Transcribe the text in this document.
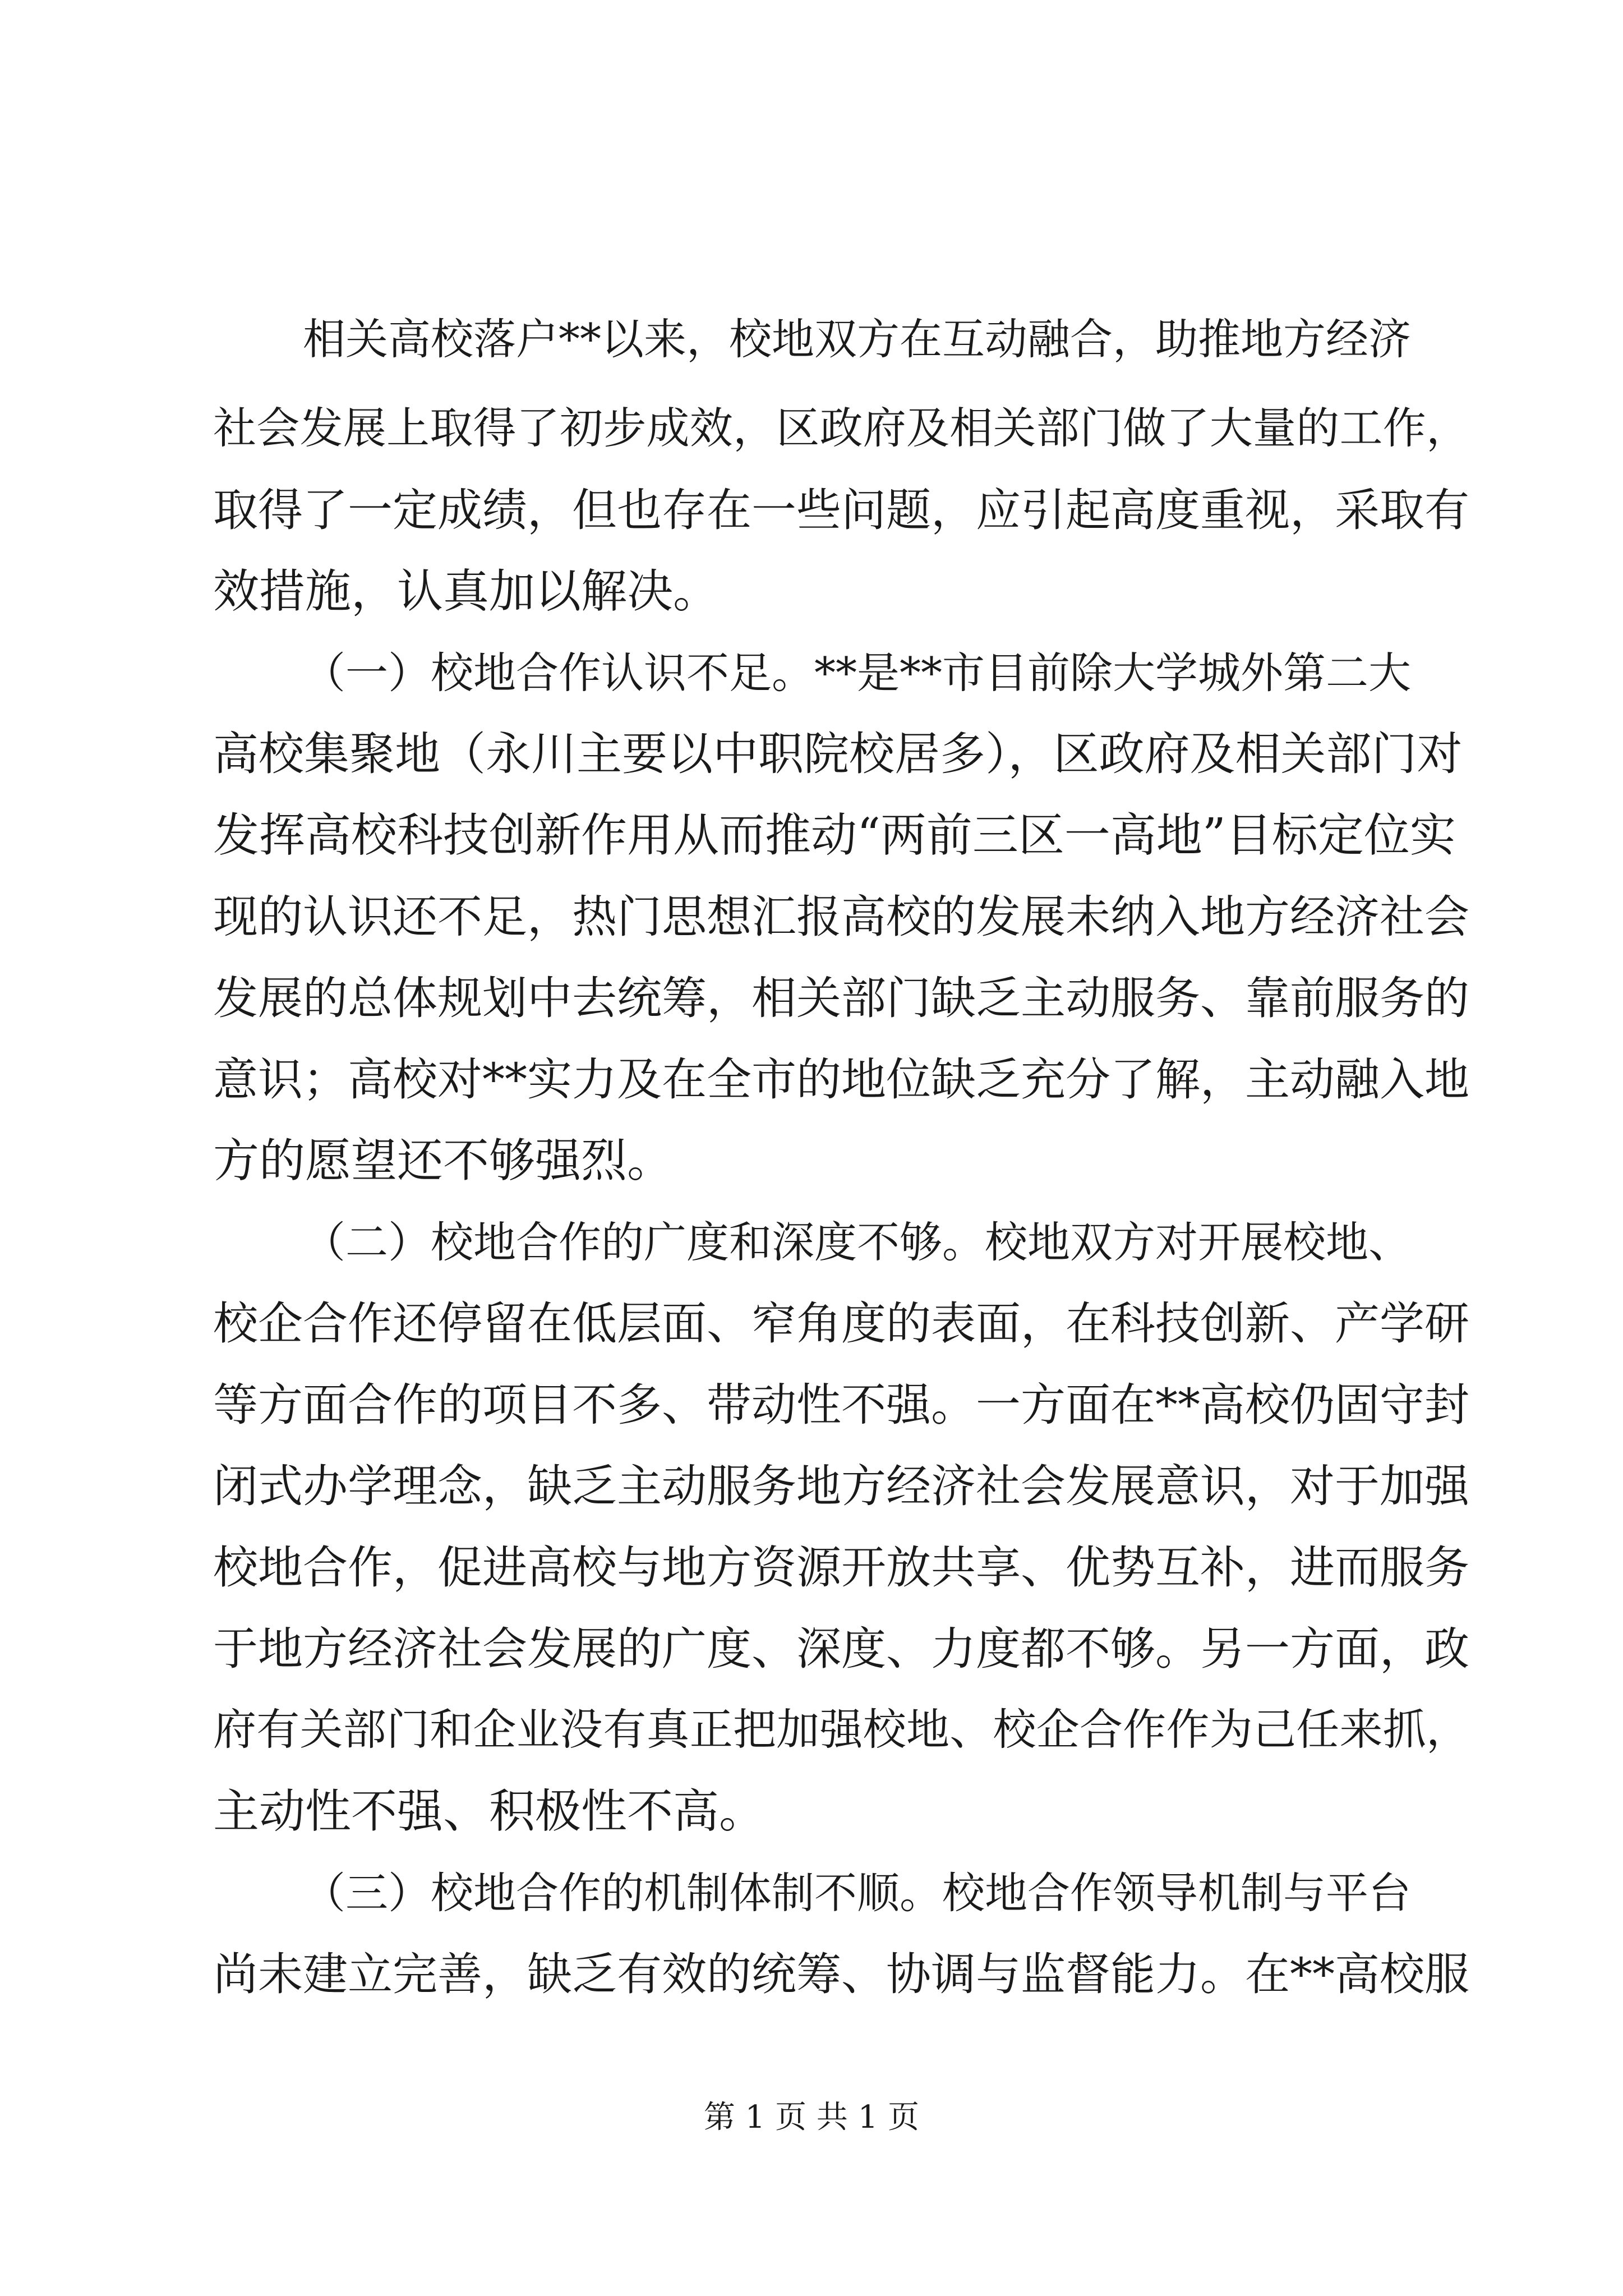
相关高校落户**以来，校地双方在互动融合，助推地方经济
社会发展上取得了初步成效，区政府及相关部门做了大量的工作，
取得了一定成绩，但也存在一些问题，应引起高度重视，采取有
效措施，认真加以解决。
（一）校地合作认识不足。**是**市目前除大学城外第二大
高校集聚地（永川主要以中职院校居多），区政府及相关部门对
发挥高校科技创新作用从而推动“两前三区一高地”目标定位实
现的认识还不足，热门思想汇报高校的发展未纳入地方经济社会
发展的总体规划中去统筹，相关部门缺乏主动服务、靠前服务的
意识；高校对**实力及在全市的地位缺乏充分了解，主动融入地
方的愿望还不够强烈。
（二）校地合作的广度和深度不够。校地双方对开展校地、
校企合作还停留在低层面、窄角度的表面，在科技创新、产学研
等方面合作的项目不多、带动性不强。一方面在**高校仍固守封
闭式办学理念，缺乏主动服务地方经济社会发展意识，对于加强
校地合作，促进高校与地方资源开放共享、优势互补，进而服务
于地方经济社会发展的广度、深度、力度都不够。另一方面，政
府有关部门和企业没有真正把加强校地、校企合作作为己任来抓，
主动性不强、积极性不高。
（三）校地合作的机制体制不顺。校地合作领导机制与平台
尚未建立完善，缺乏有效的统筹、协调与监督能力。在**高校服
第 1 页 共 1 页
